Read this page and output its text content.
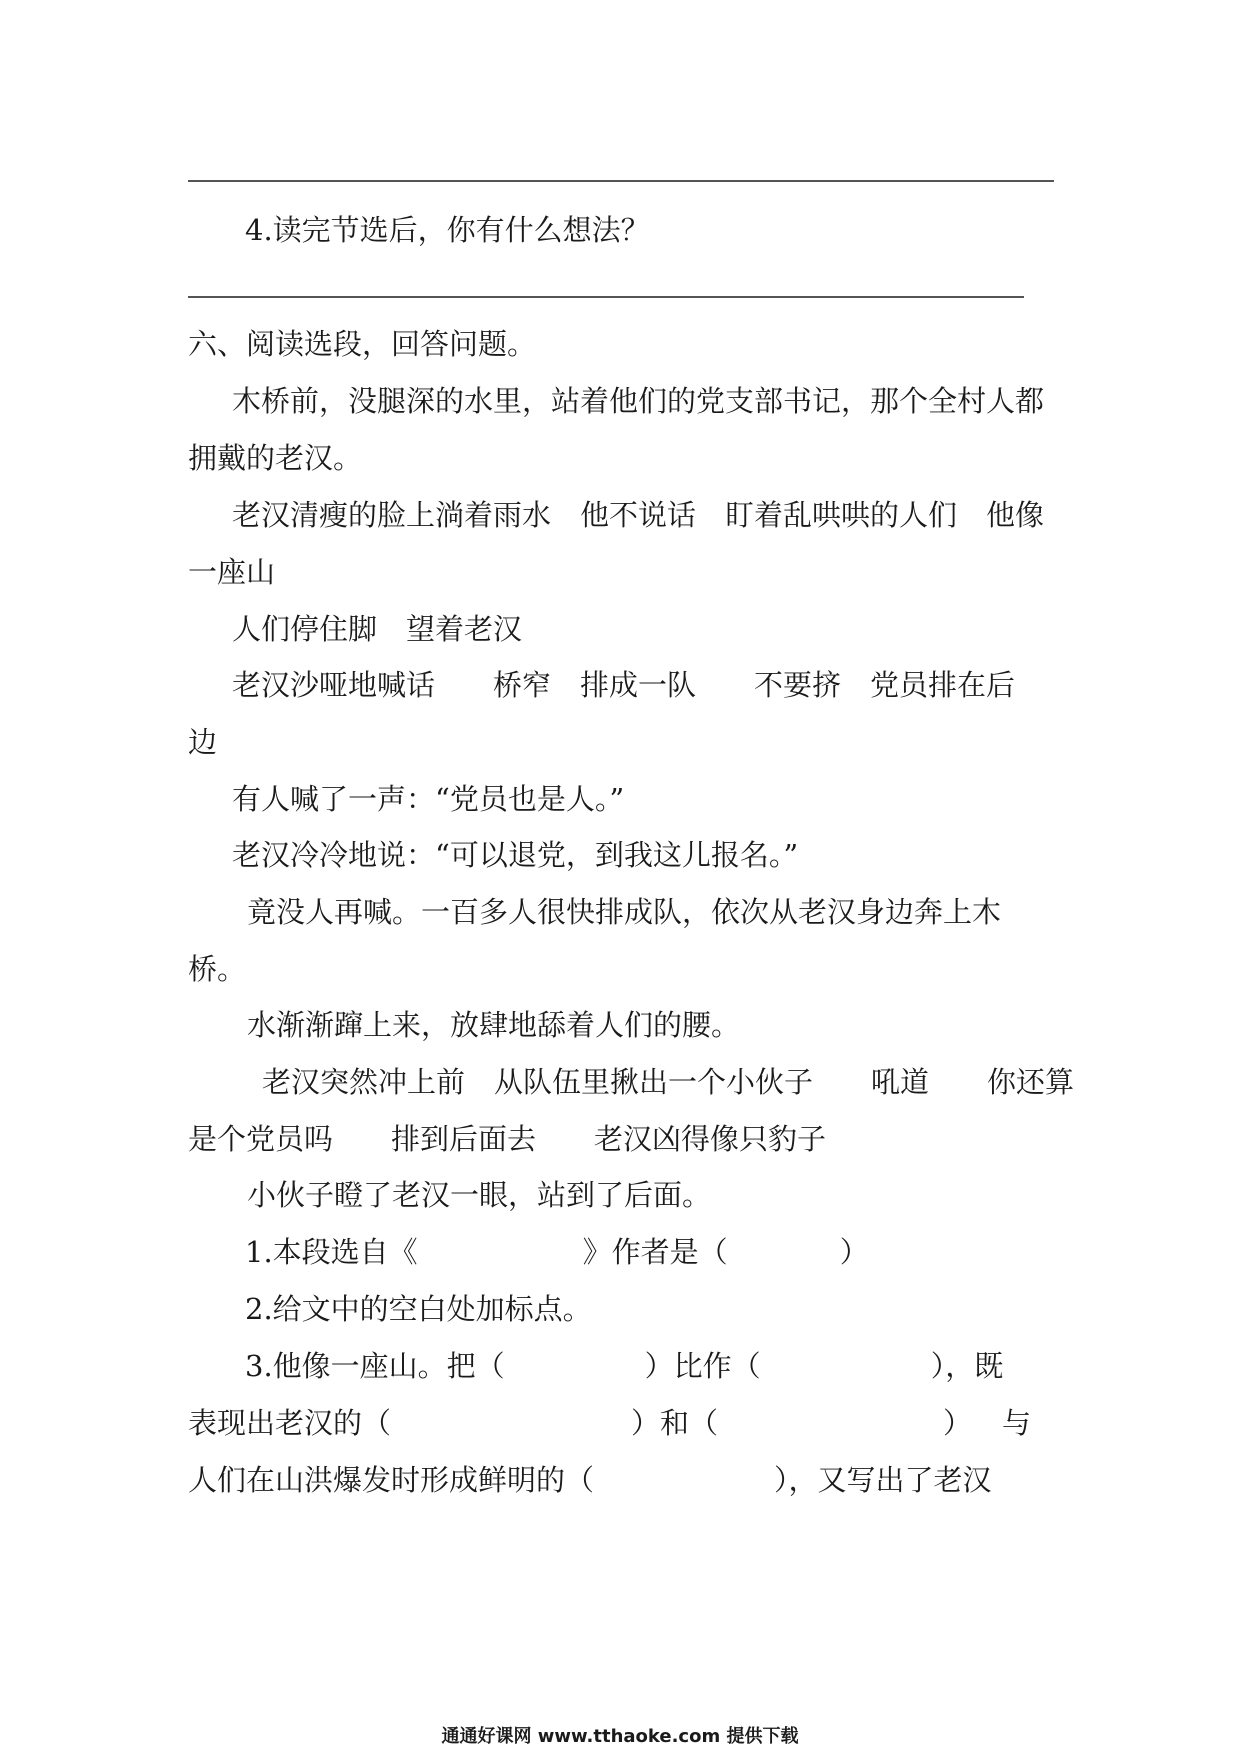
4.读完节选后，你有什么想法？
六、阅读选段，回答问题。
木桥前，没腿深的水里，站着他们的党支部书记，那个全村人都
拥戴的老汉。
老汉清瘦的脸上淌着雨水　他不说话　盯着乱哄哄的人们　他像
一座山
人们停住脚　望着老汉
老汉沙哑地喊话　　桥窄　排成一队　　不要挤　党员排在后
边
有人喊了一声：“党员也是人。”
老汉冷冷地说：“可以退党，到我这儿报名。”
竟没人再喊。一百多人很快排成队，依次从老汉身边奔上木
桥。
水渐渐蹿上来，放肆地舔着人们的腰。
老汉突然冲上前　从队伍里揪出一个小伙子　　吼道　　你还算
是个党员吗　　排到后面去　　老汉凶得像只豹子
小伙子瞪了老汉一眼，站到了后面。
1.本段选自《	》作者是（	）
2.给文中的空白处加标点。
3.他像一座山。把（	）比作（	），既
表现出老汉的（	）和（	） 与
人们在山洪爆发时形成鲜明的（	），又写出了老汉
通通好课网 www.tthaoke.com 提供下载
